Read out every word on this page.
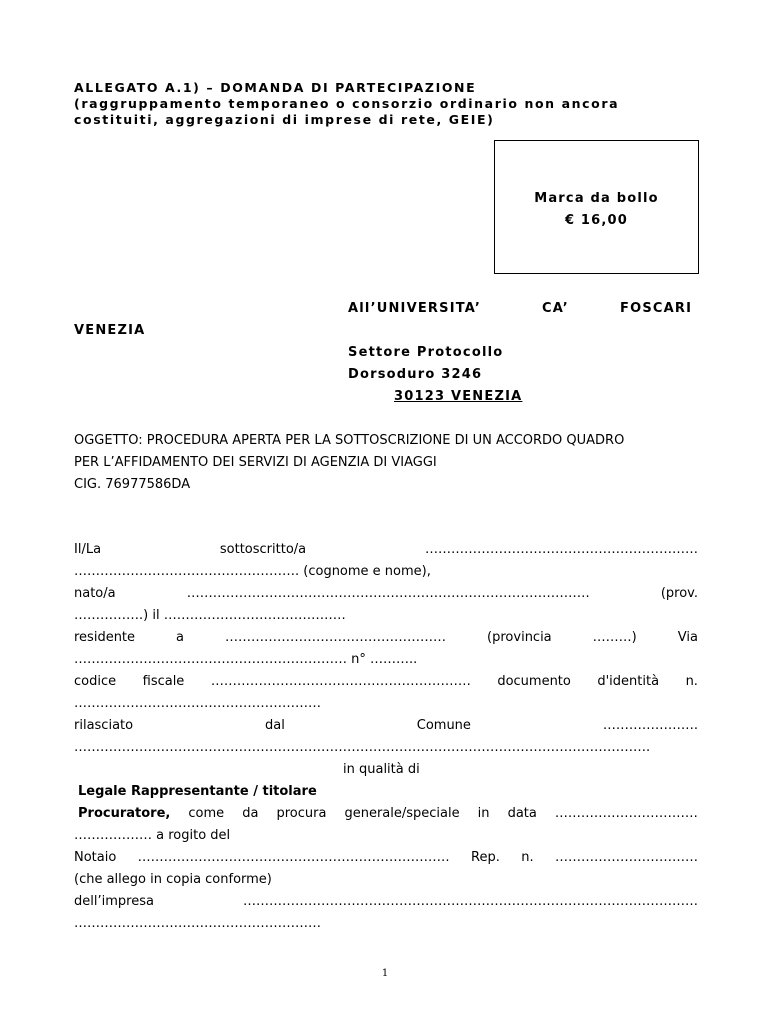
ALLEGATO A.1) – DOMANDA DI PARTECIPAZIONE
(raggruppamento temporaneo o consorzio ordinario non ancora
costituiti, aggregazioni di imprese di rete, GEIE)
Marca da bollo
€ 16,00
All’UNIVERSITA’	CA’	FOSCARI
VENEZIA
Settore Protocollo
Dorsoduro 3246
30123 VENEZIA
OGGETTO: PROCEDURA APERTA PER LA SOTTOSCRIZIONE DI UN ACCORDO QUADRO
PER L’AFFIDAMENTO DEI SERVIZI DI AGENZIA DI VIAGGI
CIG. 76977586DA
Il/La	sottoscritto/a	………………………………………………………
……………………………………………. (cognome e nome),
nato/a	…………………………………………………………………………………	(prov.
…………….) il ……………………………………
residente	a	……………………………………………	(provincia	………)	Via
……………………………………………………… n° ………..
codice fiscale …………………………………………………… documento d'identità n.
…………………………………………………
rilasciato	dal	Comune	………………….
…………………………………………………………………………………………………………………….
in qualità di
Legale Rappresentante / titolare
Procuratore, come da procura generale/speciale in data ……………………………
……………… a rogito del
Notaio ……………………………………………………………… Rep. n. ……………………………
(che allego in copia conforme)
dell’impresa	……………………………………………………………………………………………
…………………………………………………
1
